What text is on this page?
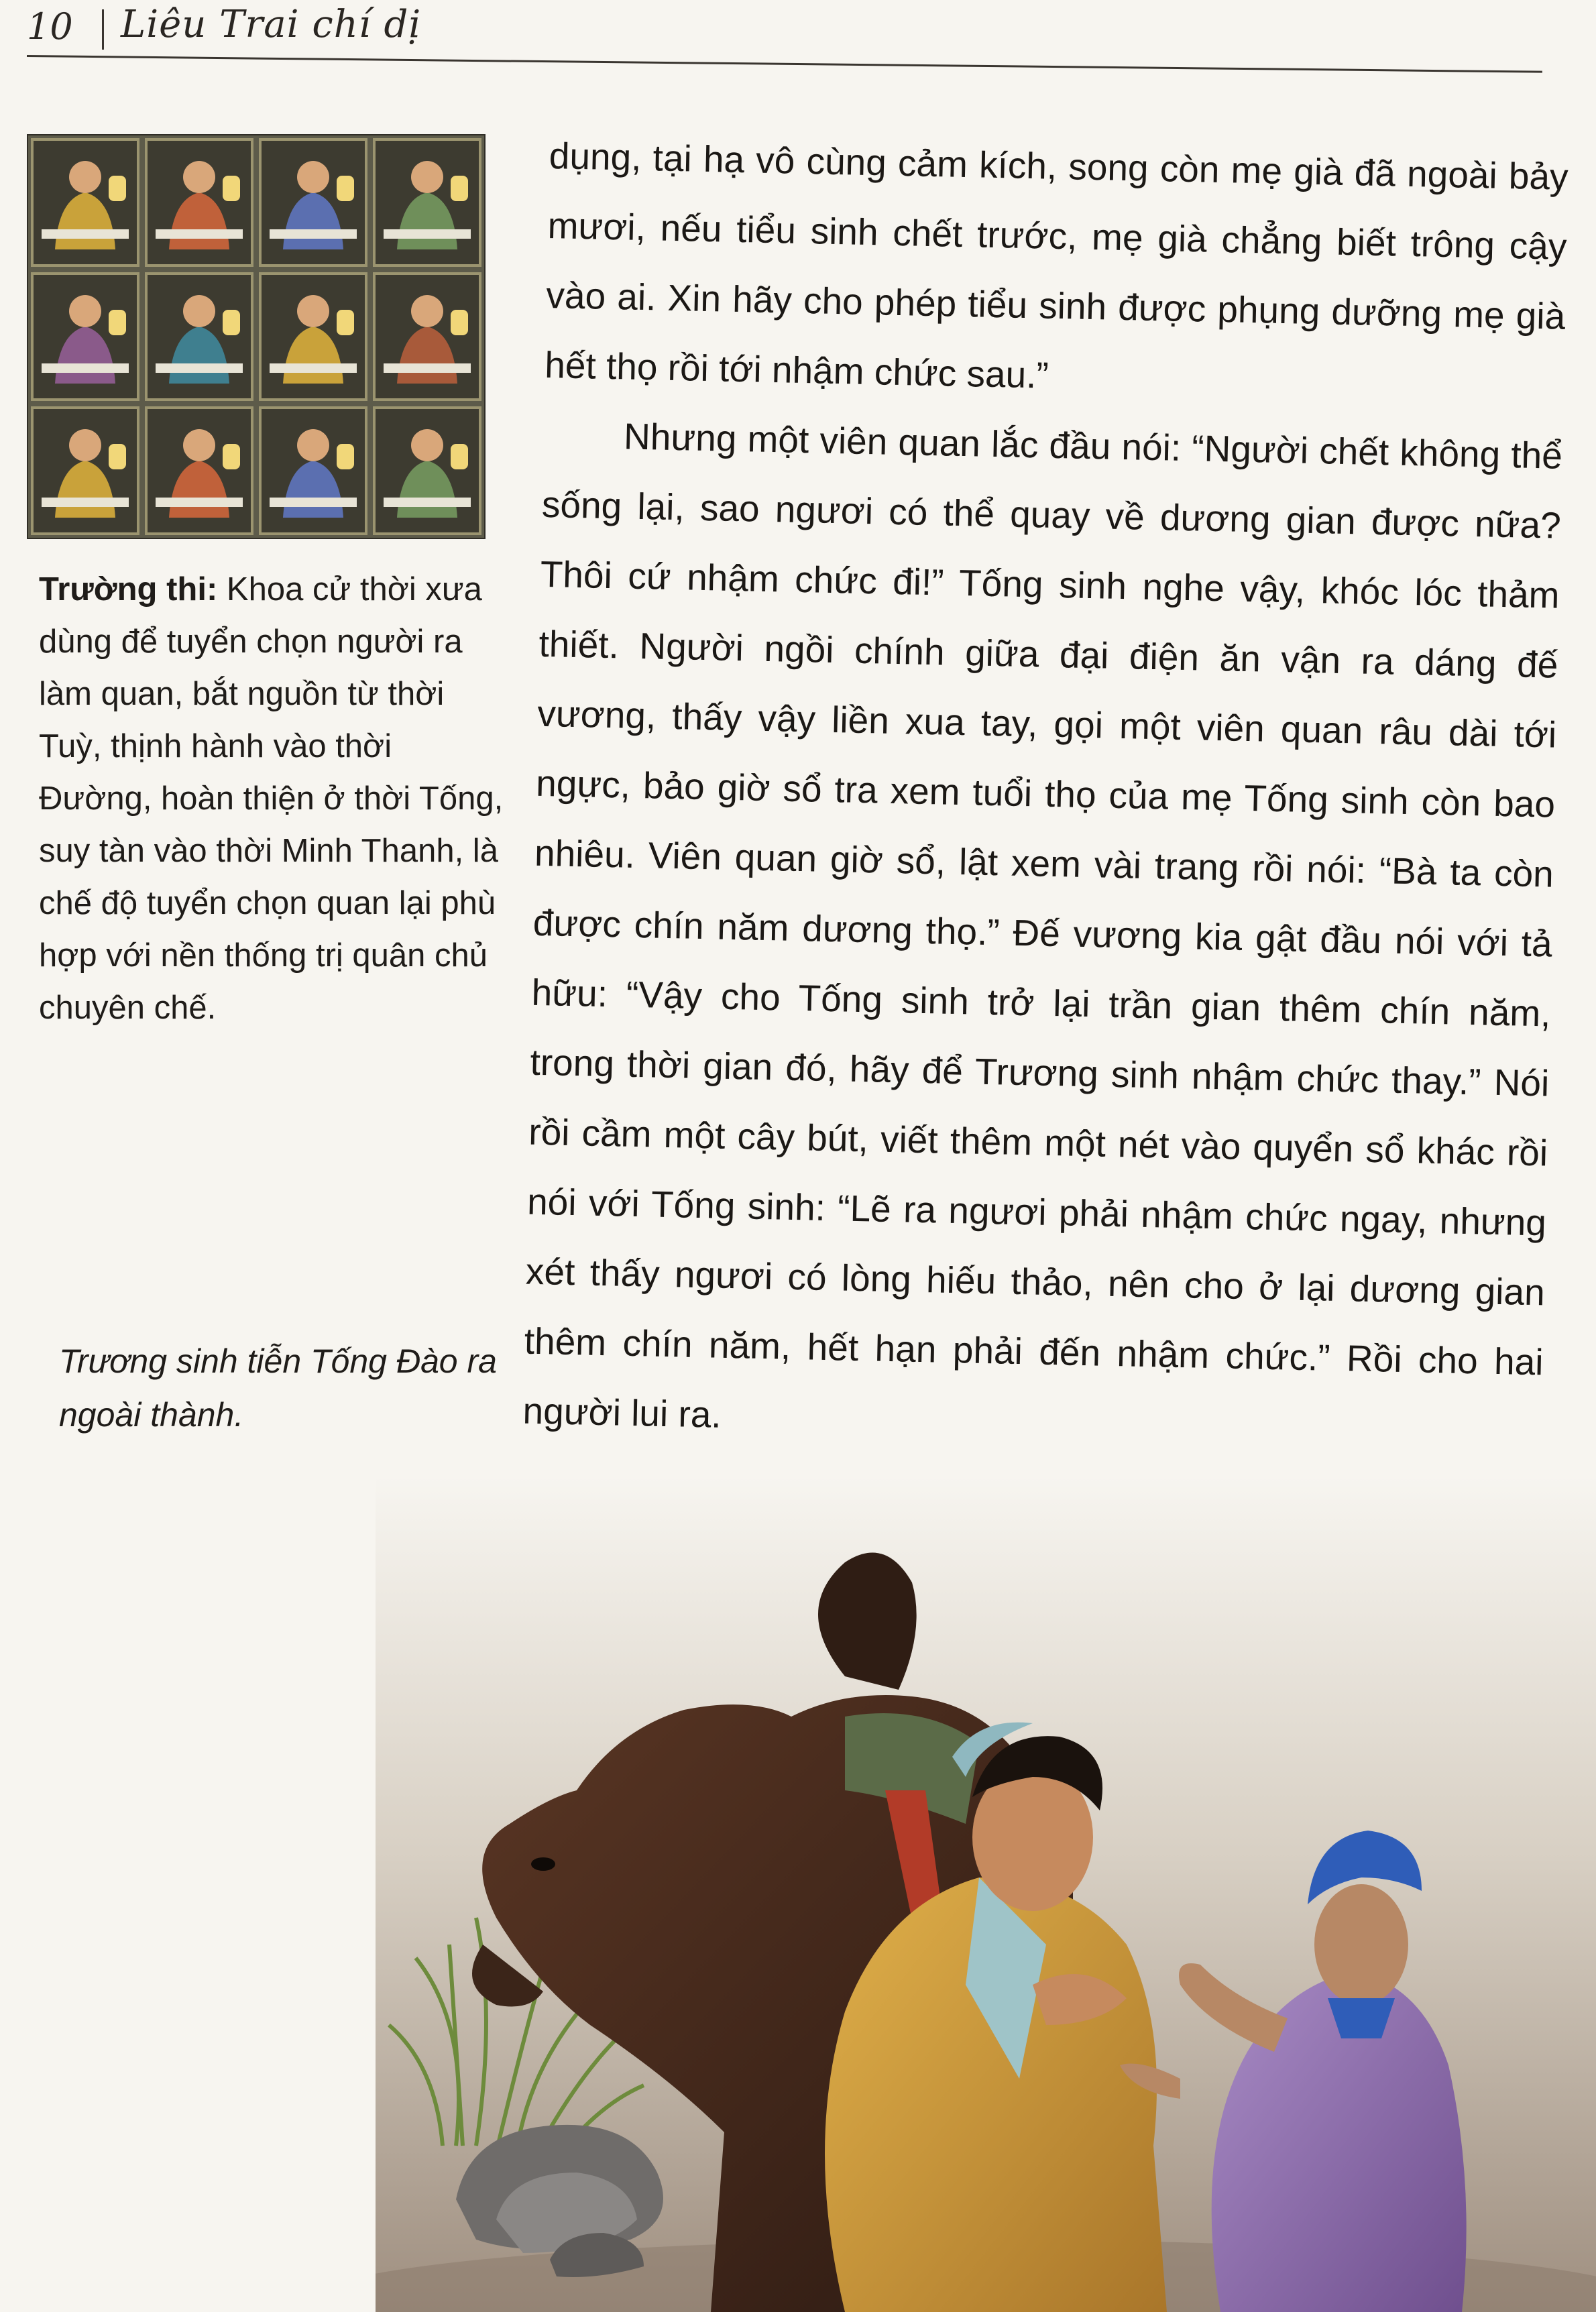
10 Liêu Trai chí dị
Trường thi: Khoa cử thời xưa dùng để tuyển chọn người ra làm quan, bắt nguồn từ thời Tuỳ, thịnh hành vào thời Đường, hoàn thiện ở thời Tống, suy tàn vào thời Minh Thanh, là chế độ tuyển chọn quan lại phù hợp với nền thống trị quân chủ chuyên chế.
Trương sinh tiễn Tống Đào ra ngoài thành.

dụng, tại hạ vô cùng cảm kích, song còn mẹ già đã ngoài bảy mươi, nếu tiểu sinh chết trước, mẹ già chẳng biết trông cậy vào ai. Xin hãy cho phép tiểu sinh được phụng dưỡng mẹ già hết thọ rồi tới nhậm chức sau.”

Nhưng một viên quan lắc đầu nói: “Người chết không thể sống lại, sao ngươi có thể quay về dương gian được nữa? Thôi cứ nhậm chức đi!” Tống sinh nghe vậy, khóc lóc thảm thiết. Người ngồi chính giữa đại điện ăn vận ra dáng đế vương, thấy vậy liền xua tay, gọi một viên quan râu dài tới ngực, bảo giờ sổ tra xem tuổi thọ của mẹ Tống sinh còn bao nhiêu. Viên quan giờ sổ, lật xem vài trang rồi nói: “Bà ta còn được chín năm dương thọ.” Đế vương kia gật đầu nói với tả hữu: “Vậy cho Tống sinh trở lại trần gian thêm chín năm, trong thời gian đó, hãy để Trương sinh nhậm chức thay.” Nói rồi cầm một cây bút, viết thêm một nét vào quyển sổ khác rồi nói với Tống sinh: “Lẽ ra ngươi phải nhậm chức ngay, nhưng xét thấy ngươi có lòng hiếu thảo, nên cho ở lại dương gian thêm chín năm, hết hạn phải đến nhậm chức.” Rồi cho hai người lui ra.
